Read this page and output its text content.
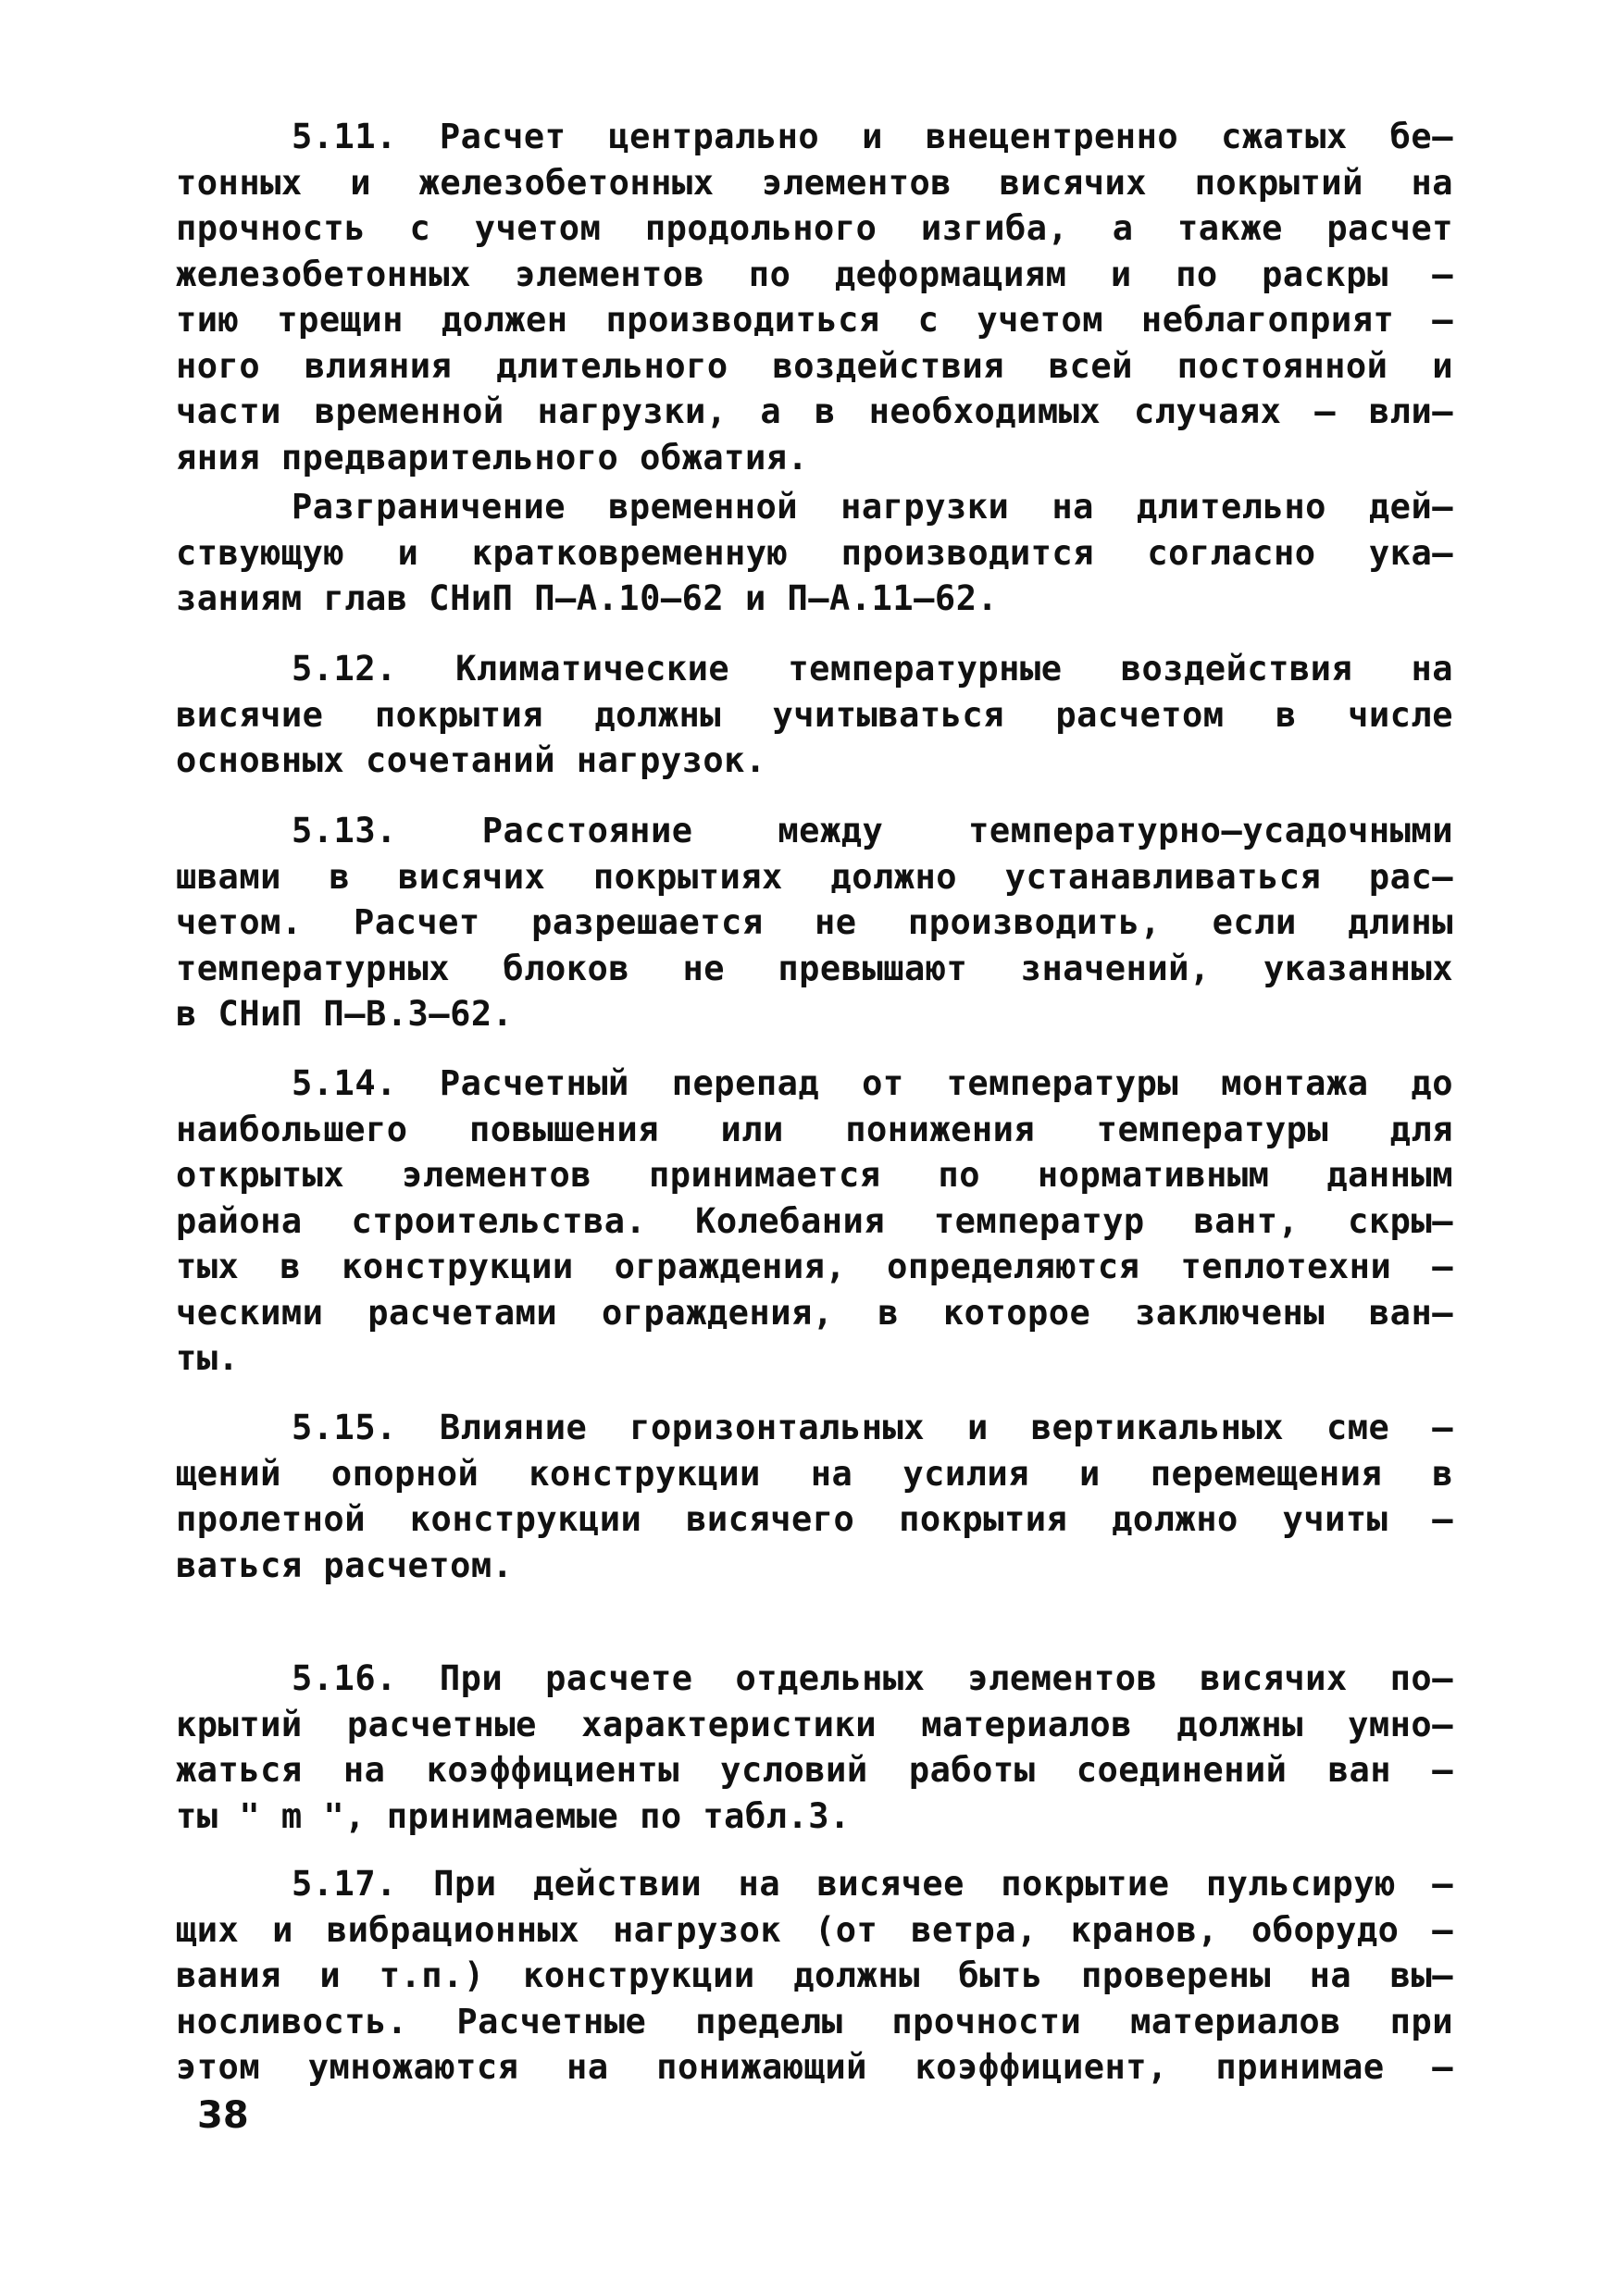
5.11. Расчет центрально и внецентренно сжатых бе–
тонных и железобетонных элементов висячих покрытий на
прочность с учетом продольного изгиба, а также расчет
железобетонных элементов по деформациям и по раскры –
тию трещин должен производиться с учетом неблагоприят –
ного влияния длительного воздействия всей постоянной и
части временной нагрузки, а в необходимых случаях – вли–
яния предварительного обжатия.
Разграничение временной нагрузки на длительно дей–
ствующую и кратковременную производится согласно ука–
заниям глав СНиП П–А.10–62 и П–А.11–62.
5.12. Климатические температурные воздействия на
висячие покрытия должны учитываться расчетом в числе
основных сочетаний нагрузок.
5.13. Расстояние между температурно–усадочными
швами в висячих покрытиях должно устанавливаться рас–
четом. Расчет разрешается не производить, если длины
температурных блоков не превышают значений, указанных
в СНиП П–В.3–62.
5.14. Расчетный перепад от температуры монтажа до
наибольшего повышения или понижения температуры для
открытых элементов принимается по нормативным данным
района строительства. Колебания температур вант, скры–
тых в конструкции ограждения, определяются теплотехни –
ческими расчетами ограждения, в которое заключены ван–
ты.
5.15. Влияние горизонтальных и вертикальных сме –
щений опорной конструкции на усилия и перемещения в
пролетной конструкции висячего покрытия должно учиты –
ваться расчетом.
5.16. При расчете отдельных элементов висячих по–
крытий расчетные характеристики материалов должны умно–
жаться на коэффициенты условий работы соединений ван –
ты " m ", принимаемые по табл.3.
5.17. При действии на висячее покрытие пульсирую –
щих и вибрационных нагрузок (от ветра, кранов, оборудо –
вания и т.п.) конструкции должны быть проверены на вы–
носливость. Расчетные пределы прочности материалов при
этом умножаются на понижающий коэффициент, принимае –
38
